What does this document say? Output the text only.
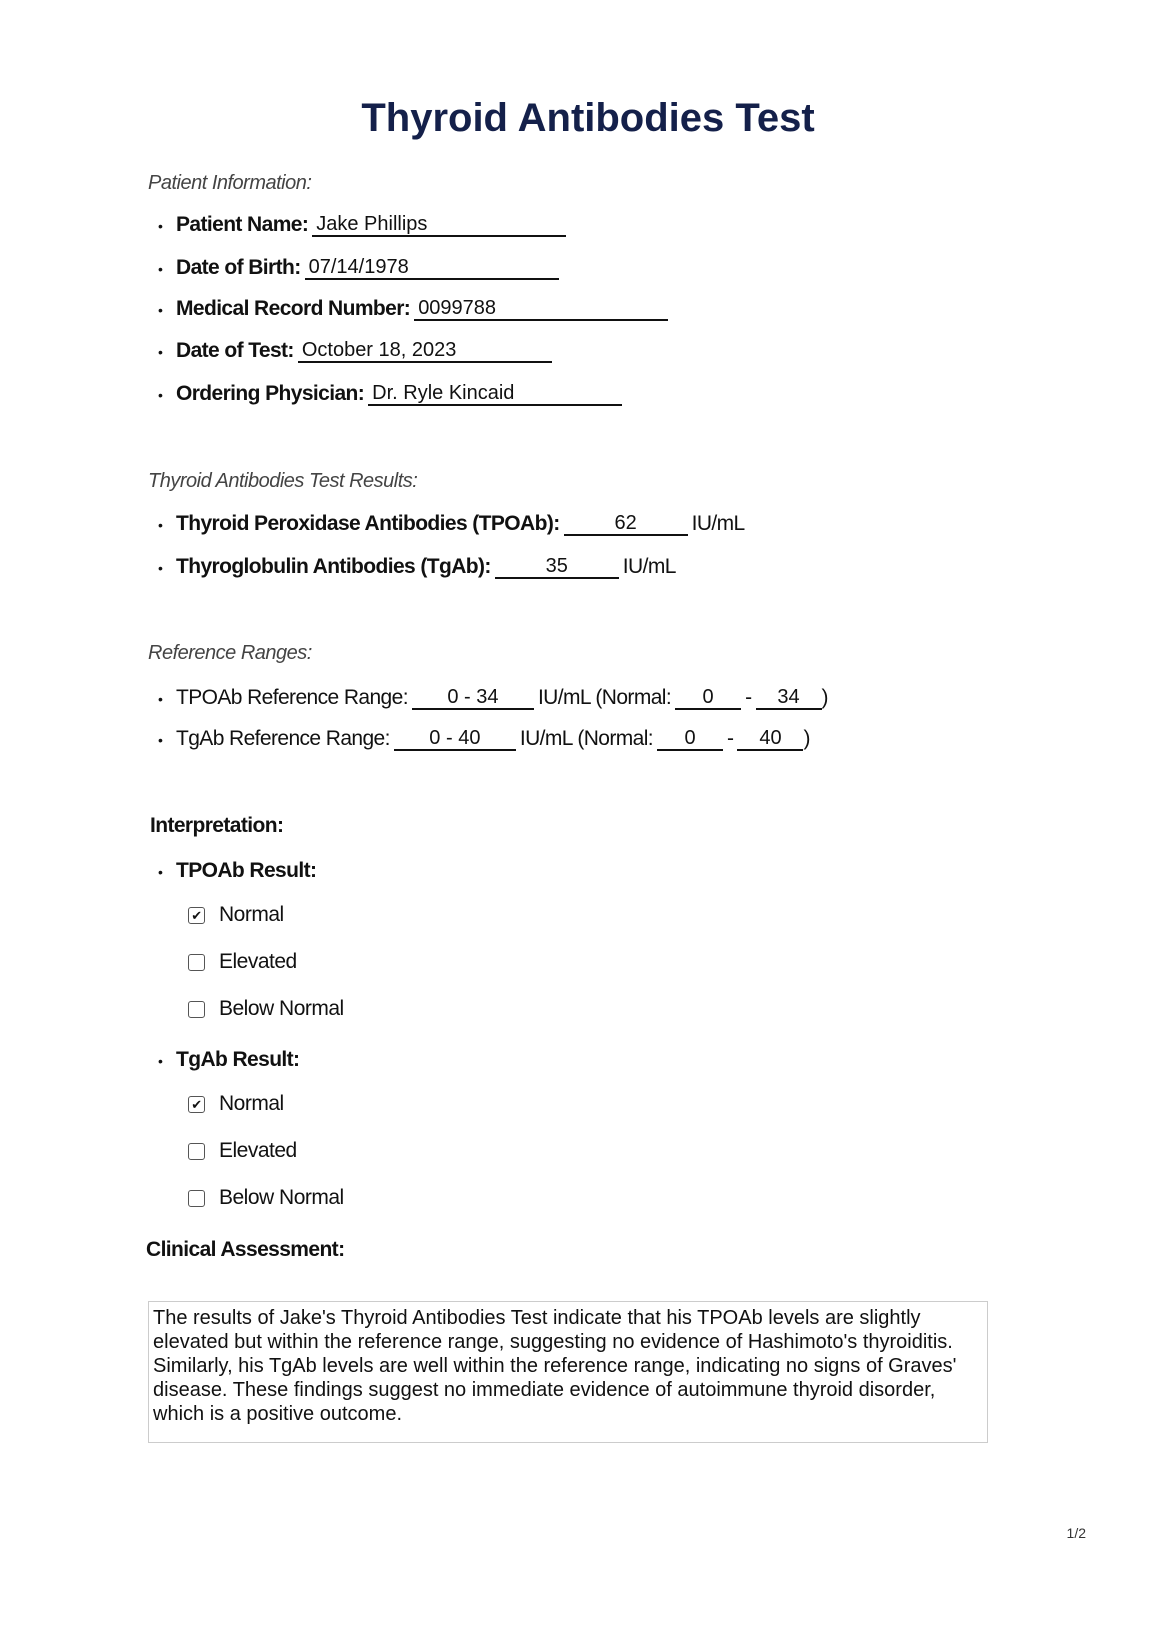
Thyroid Antibodies Test
Patient Information:
• Patient Name: Jake Phillips
• Date of Birth: 07/14/1978
• Medical Record Number: 0099788
• Date of Test: October 18, 2023
• Ordering Physician: Dr. Ryle Kincaid
Thyroid Antibodies Test Results:
• Thyroid Peroxidase Antibodies (TPOAb):	62	IU/mL
• Thyroglobulin Antibodies (TgAb):	35	IU/mL
Reference Ranges:
• TPOAb Reference Range:	0 - 34	IU/mL (Normal:	0	-	34	)
• TgAb Reference Range:	0 - 40	IU/mL (Normal:	0	-	40	)
Interpretation:
• TPOAb Result:
✔ Normal
Elevated
Below Normal
• TgAb Result:
✔ Normal
Elevated
Below Normal
Clinical Assessment:
The results of Jake's Thyroid Antibodies Test indicate that his TPOAb levels are slightly elevated but within the reference range, suggesting no evidence of Hashimoto's thyroiditis. Similarly, his TgAb levels are well within the reference range, indicating no signs of Graves' disease. These findings suggest no immediate evidence of autoimmune thyroid disorder, which is a positive outcome.
1/2
